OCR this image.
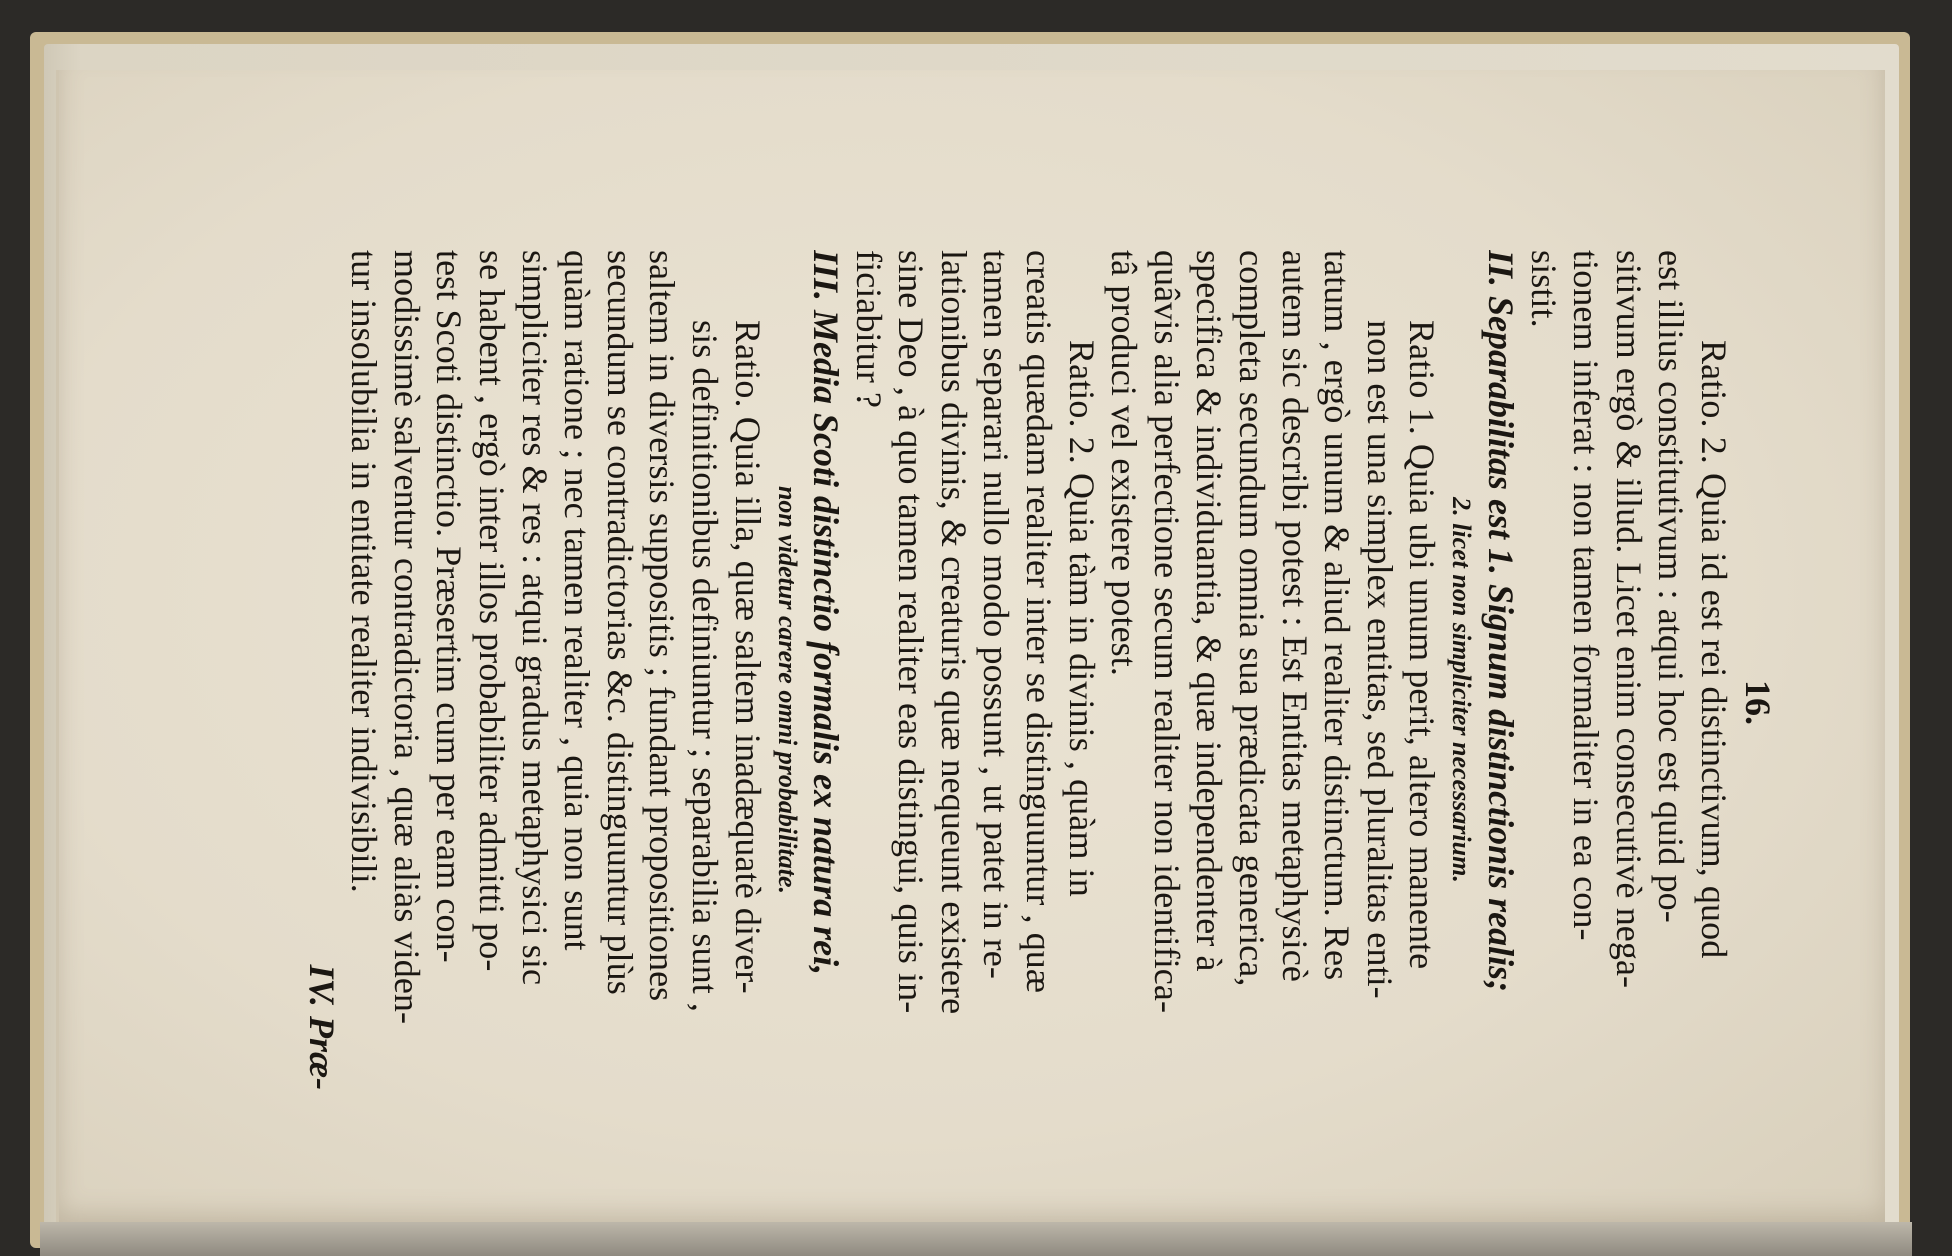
16.
Ratio. 2. Quia id est rei distinctivum, quod
est illius constitutivum : atqui hoc est quid po-
sitivum ergò & illud. Licet enim consecutivè nega-
tionem inferat : non tamen formaliter in ea con-
sistit.
II. Separabilitas est 1. Signum distinctionis realis;
2. licet non simpliciter necessarium.
Ratio 1. Quia ubi unum perit, altero manente
non est una simplex entitas, sed pluralitas enti-
tatum , ergò unum & aliud realiter distinctum. Res
autem sic describi potest : Est Entitas metaphysicè
completa secundum omnia sua prædicata generica,
specifica & individuantia, & quæ independenter à
quâvis alia perfectione secum realiter non identifica-
tâ produci vel existere potest.
Ratio. 2. Quia tàm in divinis , quàm in
creatis quædam realiter inter se distinguuntur , quæ
tamen separari nullo modo possunt , ut patet in re-
lationibus divinis, & creaturis quæ nequeunt existere
sine Deo , à quo tamen realiter eas distingui, quis in-
ficiabitur ?
III. Media Scoti distinctio formalis ex natura rei,
non videtur carere omni probabilitate.
Ratio. Quia illa, quæ saltem inadæquatè diver-
sis definitionibus definiuntur ; separabilia sunt ,
saltem in diversis suppositis ; fundant propositiones
secundum se contradictorias &c. distinguuntur plùs
quàm ratione ; nec tamen realiter , quia non sunt
simpliciter res & res : atqui gradus metaphysici sic
se habent , ergò inter illos probabiliter admitti po-
test Scoti distinctio. Præsertim cum per eam con-
modissimè salventur contradictoria , quæ aliàs viden-
tur insolubilia in entitate realiter indivisibili.
IV. Præ-
